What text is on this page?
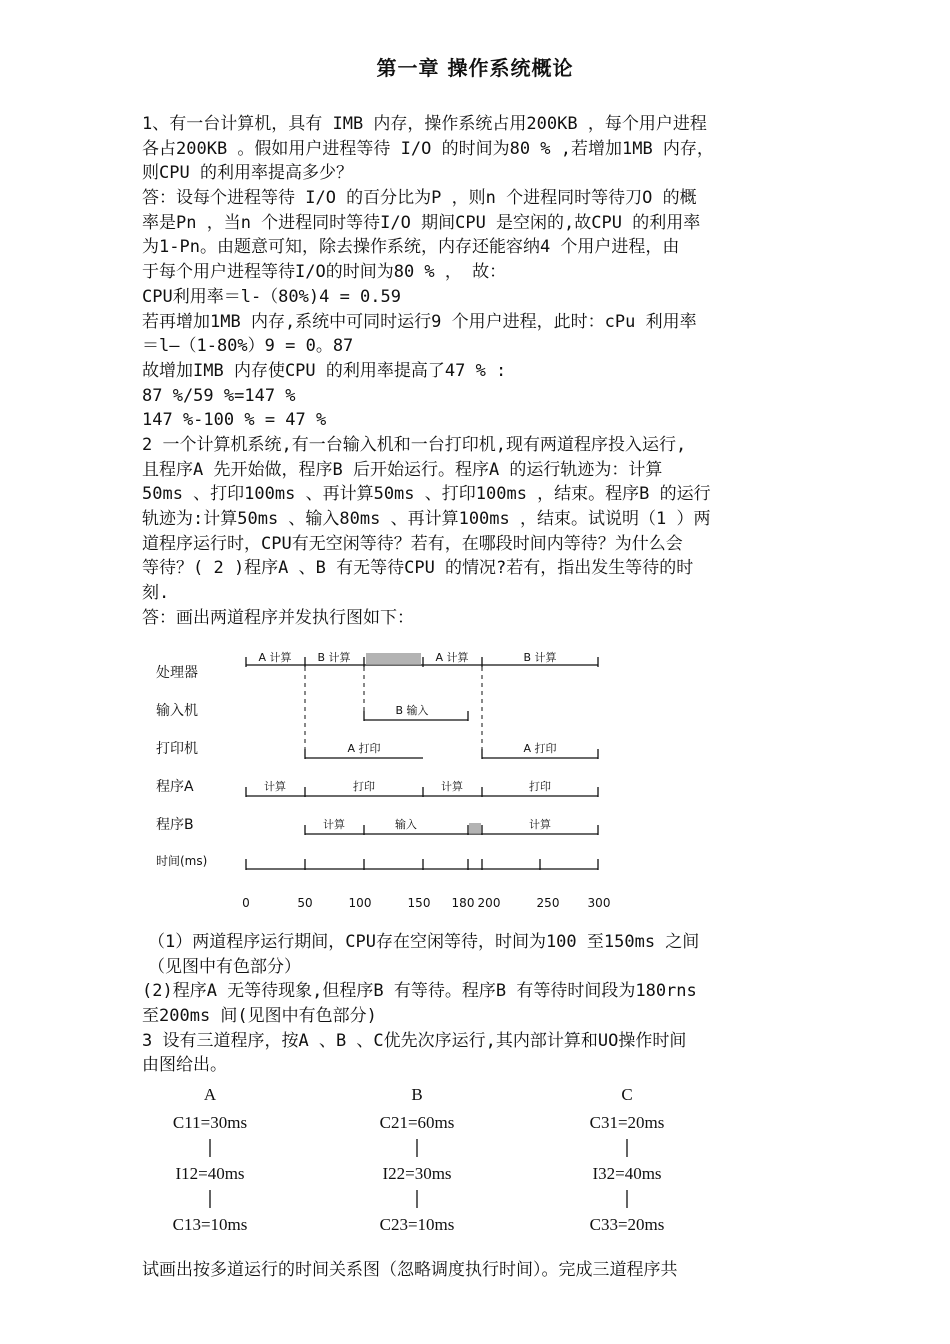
第一章 操作系统概论
1、有一台计算机，具有 IMB 内存，操作系统占用200KB ，每个用户进程
各占200KB 。假如用户进程等待 I/O 的时间为80 % ,若增加1MB 内存，
则CPU 的利用率提高多少？
答：设每个进程等待 I/O 的百分比为P ，则n 个进程同时等待刀O 的概
率是Pn ，当n 个进程同时等待I/O 期间CPU 是空闲的,故CPU 的利用率
为1-Pn。由题意可知，除去操作系统，内存还能容纳4 个用户进程，由
于每个用户进程等待I/O的时间为80 % ， 故：
CPU利用率＝l-（80%)4 = 0.59
若再增加1MB 内存,系统中可同时运行9 个用户进程，此时：cPu 利用率
＝l—（1-80%）9 = 0。87
故增加IMB 内存使CPU 的利用率提高了47 % :
87 %/59 %=147 %
147 %-100 % = 47 %
2 一个计算机系统,有一台输入机和一台打印机,现有两道程序投入运行,
且程序A 先开始做，程序B 后开始运行。程序A 的运行轨迹为：计算
50ms 、打印100ms 、再计算50ms 、打印100ms ，结束。程序B 的运行
轨迹为:计算50ms 、输入80ms 、再计算100ms ，结束。试说明（1 ）两
道程序运行时，CPU有无空闲等待？若有，在哪段时间内等待？为什么会
等待？( 2 )程序A 、B 有无等待CPU 的情况?若有，指出发生等待的时
刻.
答：画出两道程序并发执行图如下：
处理器
输入机
打印机
程序A
程序B
时间(ms)
A 计算 B 计算	A 计算	B 计算
B 输入
A 打印	A 打印
计算	打印	计算	打印
计算	输入	计算
0	50	100	150 180 200	250 300
（1）两道程序运行期间，CPU存在空闲等待，时间为100 至150ms 之间
（见图中有色部分）
(2)程序A 无等待现象,但程序B 有等待。程序B 有等待时间段为180rns
至200ms 间(见图中有色部分)
3 设有三道程序，按A 、B 、C优先次序运行,其内部计算和UO操作时间
由图给出。
A
C11=30ms
I12=40ms
C13=10ms
B
C21=60ms
I22=30ms
C23=10ms
C
C31=20ms
I32=40ms
C33=20ms
试画出按多道运行的时间关系图（忽略调度执行时间）。完成三道程序共
